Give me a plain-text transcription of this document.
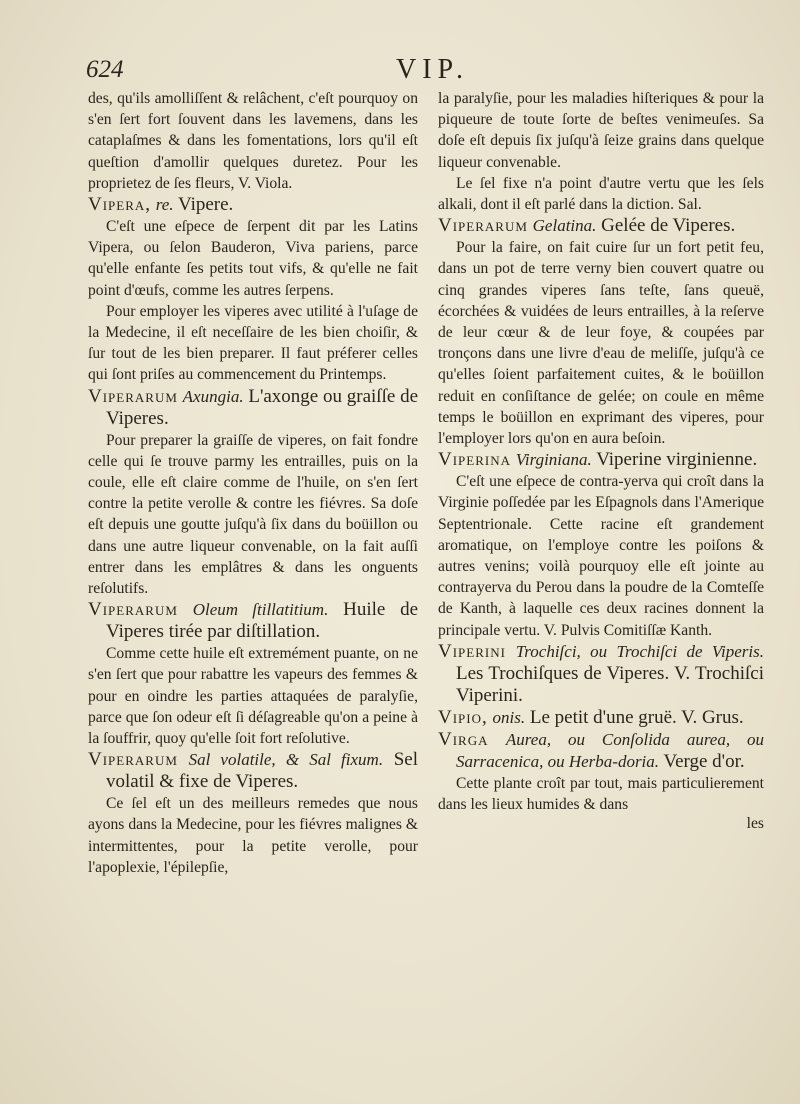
624	VIP.

des, qu'ils amolliſſent & relâchent, c'eſt pourquoy on s'en ſert fort ſouvent dans les lavemens, dans les cataplaſmes & dans les fomentations, lors qu'il eſt queſtion d'amollir quelques duretez. Pour les proprietez de ſes fleurs, V. Viola.

Vipera, re. Vipere.

C'eſt une eſpece de ſerpent dit par les Latins Vipera, ou ſelon Bauderon, Viva pariens, parce qu'elle enfante ſes petits tout vifs, & qu'elle ne fait point d'œufs, comme les autres ſerpens.

Pour employer les viperes avec utilité à l'uſage de la Medecine, il eſt neceſſaire de les bien choiſir, & ſur tout de les bien preparer. Il faut préferer celles qui ſont priſes au commencement du Printemps.

Viperarum Axungia. L'axonge ou graiſſe de Viperes.

Pour preparer la graiſſe de viperes, on fait fondre celle qui ſe trouve parmy les entrailles, puis on la coule, elle eſt claire comme de l'huile, on s'en ſert contre la petite verolle & contre les fiévres. Sa doſe eſt depuis une goutte juſqu'à ſix dans du boüillon ou dans une autre liqueur convenable, on la fait auſſi entrer dans les emplâtres & dans les onguents reſolutifs.

Viperarum Oleum ſtillatitium. Huile de Viperes tirée par diſtillation.

Comme cette huile eſt extremément puante, on ne s'en ſert que pour rabattre les vapeurs des femmes & pour en oindre les parties attaquées de paralyſie, parce que ſon odeur eſt ſi déſagreable qu'on a peine à la ſouffrir, quoy qu'elle ſoit fort reſolutive.

Viperarum Sal volatile, & Sal fixum. Sel volatil & fixe de Viperes.

Ce ſel eſt un des meilleurs remedes que nous ayons dans la Medecine, pour les fiévres malignes & intermittentes, pour la petite verolle, pour l'apoplexie, l'épilepſie,

la paralyſie, pour les maladies hiſteriques & pour la piqueure de toute ſorte de beſtes venimeuſes. Sa doſe eſt depuis ſix juſqu'à ſeize grains dans quelque liqueur convenable.

Le ſel fixe n'a point d'autre vertu que les ſels alkali, dont il eſt parlé dans la diction. Sal.

Viperarum Gelatina. Gelée de Viperes.

Pour la faire, on fait cuire ſur un fort petit feu, dans un pot de terre verny bien couvert quatre ou cinq grandes viperes ſans teſte, ſans queuë, écorchées & vuidées de leurs entrailles, à la reſerve de leur cœur & de leur foye, & coupées par tronçons dans une livre d'eau de meliſſe, juſqu'à ce qu'elles ſoient parfaitement cuites, & le boüillon reduit en conſiſtance de gelée; on coule en même temps le boüillon en exprimant des viperes, pour l'employer lors qu'on en aura beſoin.

Viperina Virginiana. Viperine virginienne.

C'eſt une eſpece de contra-yerva qui croît dans la Virginie poſſedée par les Eſpagnols dans l'Amerique Septentrionale. Cette racine eſt grandement aromatique, on l'employe contre les poiſons & autres venins; voilà pourquoy elle eſt jointe au contrayerva du Perou dans la poudre de la Comteſſe de Kanth, à laquelle ces deux racines donnent la principale vertu. V. Pulvis Comitiſſæ Kanth.

Viperini Trochiſci, ou Trochiſci de Viperis. Les Trochiſques de Viperes. V. Trochiſci Viperini.

Vipio, onis. Le petit d'une gruë. V. Grus.

Virga Aurea, ou Conſolida aurea, ou Sarracenica, ou Herba-doria. Verge d'or.

Cette plante croît par tout, mais particulierement dans les lieux humides & dans

les
